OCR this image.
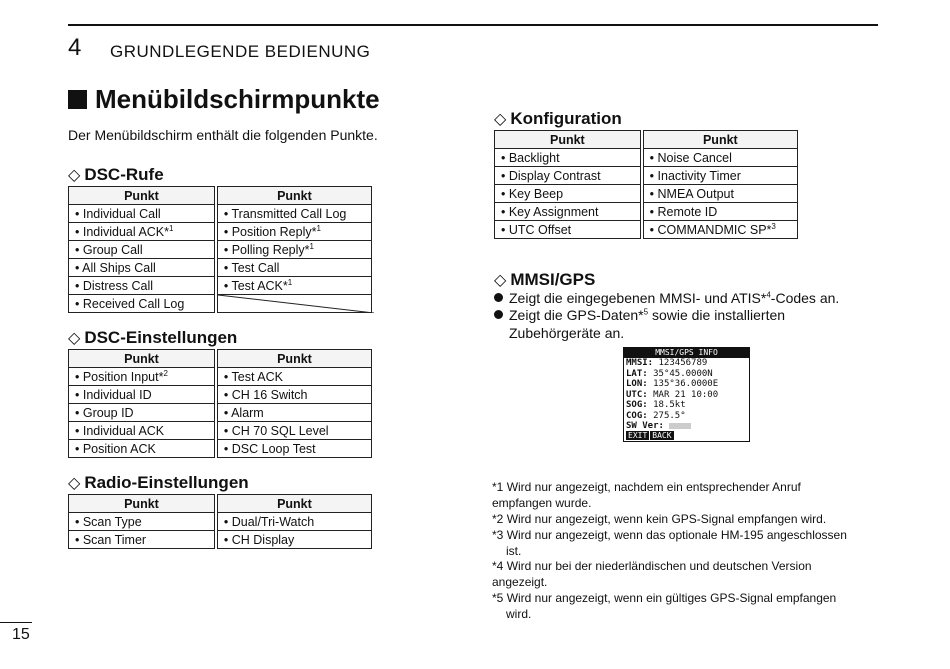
4 GRUNDLEGENDE BEDIENUNG
Menübildschirmpunkte
Der Menübildschirm enthält die folgenden Punkte.
◇ DSC-Rufe
Punkt		Punkt
• Individual Call		• Transmitted Call Log
• Individual ACK*$^1$		• Position Reply*$^1$
• Group Call		• Polling Reply*$^1$
• All Ships Call		• Test Call
• Distress Call		• Test ACK*$^1$
• Received Call Log		
◇ DSC-Einstellungen
Punkt		Punkt
• Position Input*$^2$		• Test ACK
• Individual ID		• CH 16 Switch
• Group ID		• Alarm
• Individual ACK		• CH 70 SQL Level
• Position ACK		• DSC Loop Test
◇ Radio-Einstellungen
Punkt		Punkt
• Scan Type		• Dual/Tri-Watch
• Scan Timer		• CH Display
◇ Konfiguration
Punkt		Punkt
• Backlight		• Noise Cancel
• Display Contrast		• Inactivity Timer
• Key Beep		• NMEA Output
• Key Assignment		• Remote ID
• UTC Offset		• COMMANDMIC SP*$^3$
◇ MMSI/GPS
Zeigt die eingegebenen MMSI- und ATIS*$^4$-Codes an.
Zeigt die GPS-Daten*$^5$ sowie die installierten
Zubehörgeräte an.
MMSI/GPS INFO
MMSI: 123456789
LAT: 35°45.0000N
LON: 135°36.0000E
UTC: MAR 21 10:00
SOG: 18.5kt
COG: 275.5°
SW Ver:
EXIT BACK
*1 Wird nur angezeigt, nachdem ein entsprechender Anruf
empfangen wurde.
*2 Wird nur angezeigt, wenn kein GPS-Signal empfangen wird.
*3 Wird nur angezeigt, wenn das optionale HM-195 angeschlossen
ist.
*4 Wird nur bei der niederländischen und deutschen Version
angezeigt.
*5 Wird nur angezeigt, wenn ein gültiges GPS-Signal empfangen
wird.
15
